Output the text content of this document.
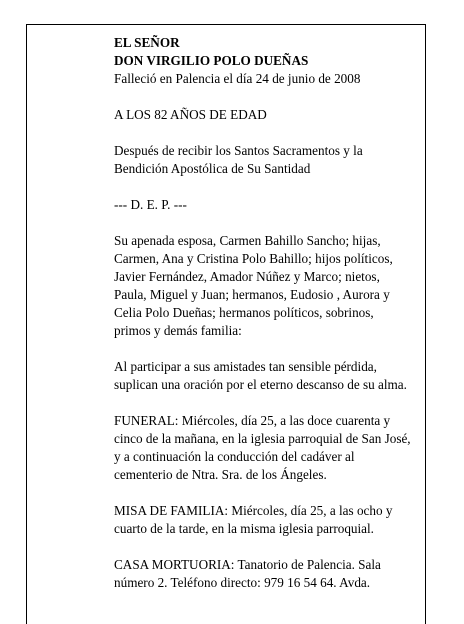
EL SEÑOR

DON VIRGILIO POLO DUEÑAS

Falleció en Palencia el día 24 de junio de 2008

A LOS 82 AÑOS DE EDAD

Después de recibir los Santos Sacramentos y la
Bendición Apostólica de Su Santidad

--- D. E. P. ---

Su apenada esposa, Carmen Bahillo Sancho; hijas,
Carmen, Ana y Cristina Polo Bahillo; hijos políticos,
Javier Fernández, Amador Núñez y Marco; nietos,
Paula, Miguel y Juan; hermanos, Eudosio , Aurora y
Celia Polo Dueñas; hermanos políticos, sobrinos,
primos y demás familia:

Al participar a sus amistades tan sensible pérdida,
suplican una oración por el eterno descanso de su alma.

FUNERAL: Miércoles, día 25, a las doce cuarenta y
cinco de la mañana, en la iglesia parroquial de San José,
y a continuación la conducción del cadáver al
cementerio de Ntra. Sra. de los Ángeles.

MISA DE FAMILIA: Miércoles, día 25, a las ocho y
cuarto de la tarde, en la misma iglesia parroquial.

CASA MORTUORIA: Tanatorio de Palencia. Sala
número 2. Teléfono directo: 979 16 54 64. Avda.
